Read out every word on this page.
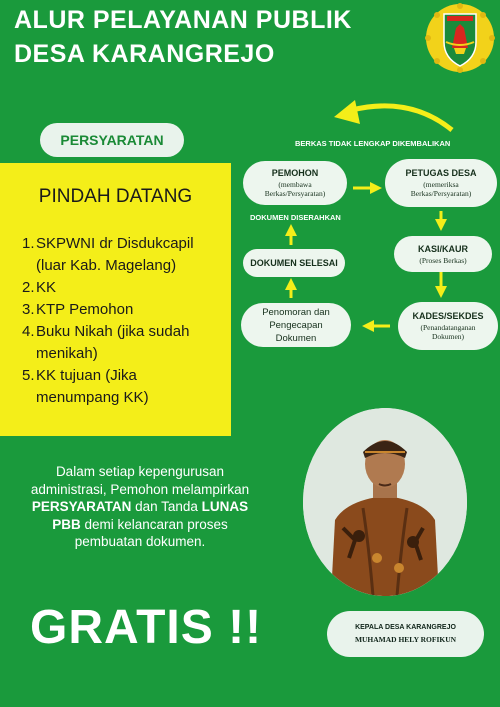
ALUR PELAYANAN PUBLIK
DESA KARANGREJO
PERSYARATAN
PINDAH DATANG
1. SKPWNI dr Disdukcapil (luar Kab. Magelang)
2. KK
3. KTP Pemohon
4. Buku Nikah (jika sudah menikah)
5. KK tujuan (Jika menumpang KK)
BERKAS TIDAK LENGKAP DIKEMBALIKAN
PEMOHON
(membawa Berkas/Persyaratan)
PETUGAS DESA
(memeriksa Berkas/Persyaratan)
DOKUMEN DISERAHKAN
KASI/KAUR
(Proses Berkas)
DOKUMEN SELESAI
Penomoran dan Pengecapan Dokumen
KADES/SEKDES
(Penandatanganan Dokumen)
Dalam setiap kepengurusan administrasi, Pemohon melampirkan PERSYARATAN dan Tanda LUNAS PBB demi kelancaran proses pembuatan dokumen.
GRATIS !!	KEPALA DESA KARANGREJO
MUHAMAD HELY ROFIKUN
